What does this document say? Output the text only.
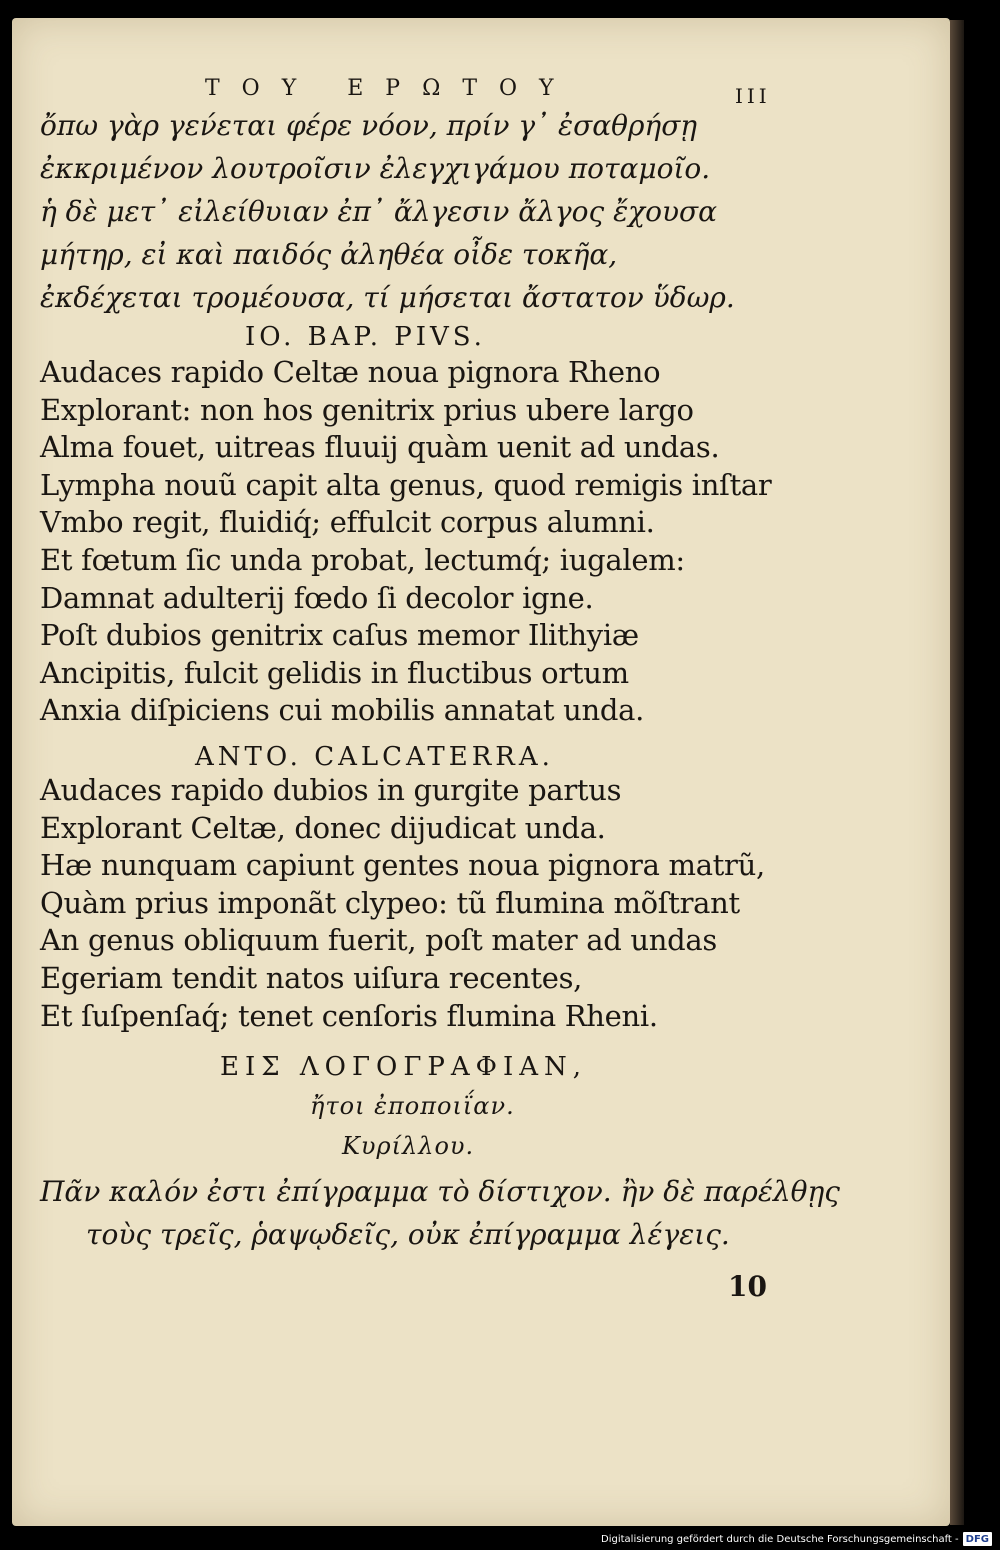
ΤΟΥ ΕΡΩΤΟΥ	III
ὄπω γὰρ γεν́εται φέρε νόον, πρίν γ᾽ ἐσαθρήσῃ
ἐκκριμένον λουτροῖσιν ἐλεγχιγάμου ποταμοῖο.
ἡ δὲ μετ᾽ εἰλείθυιαν ἐπ᾽ ἄλγεσιν ἄλγος ἔχουσα
μήτηρ, εἰ καὶ παιδός ἀληθέα οἶδε τοκῆα,
ἐκδέχεται τρομέουσα, τί μήσεται ἄστατον ὕδωρ.
IO. BAP. PIVS.
Audaces rapido Celtæ noua pignora Rheno
Explorant: non hos genitrix prius ubere largo
Alma fouet, uitreas fluuij quàm uenit ad undas.
Lympha nouũ capit alta genus, quod remigis inſtar
Vmbo regit, fluidiq́; effulcit corpus alumni.
Et fœtum ſic unda probat, lectumq́; iugalem:
Damnat adulterij fœdo ſi decolor igne.
Poſt dubios genitrix caſus memor Ilithyiæ
Ancipitis, fulcit gelidis in fluctibus ortum
Anxia diſpiciens cui mobilis annatat unda.
ANTO. CALCATERRA.
Audaces rapido dubios in gurgite partus
Explorant Celtæ, donec dijudicat unda.
Hæ nunquam capiunt gentes noua pignora matrũ,
Quàm prius imponãt clypeo: tũ flumina mõſtrant
An genus obliquum fuerit, poſt mater ad undas
Egeriam tendit natos uiſura recentes,
Et ſuſpenſaq́; tenet cenſoris flumina Rheni.
ΕΙΣ ΛΟΓΟΓΡΑΦΙΑΝ,
ἤτοι ἐποποιΐαν.
Κυρίλλου.
Πᾶν καλόν ἐστι ἐπίγραμμα τὸ δίστιχον. ἢν δὲ παρέλθῃς
τοὺς τρεῖς, ῥαψῳδεῖς, οὐκ ἐπίγραμμα λέγεις.
10
Digitalisierung gefördert durch die Deutsche Forschungsgemeinschaft - DFG
